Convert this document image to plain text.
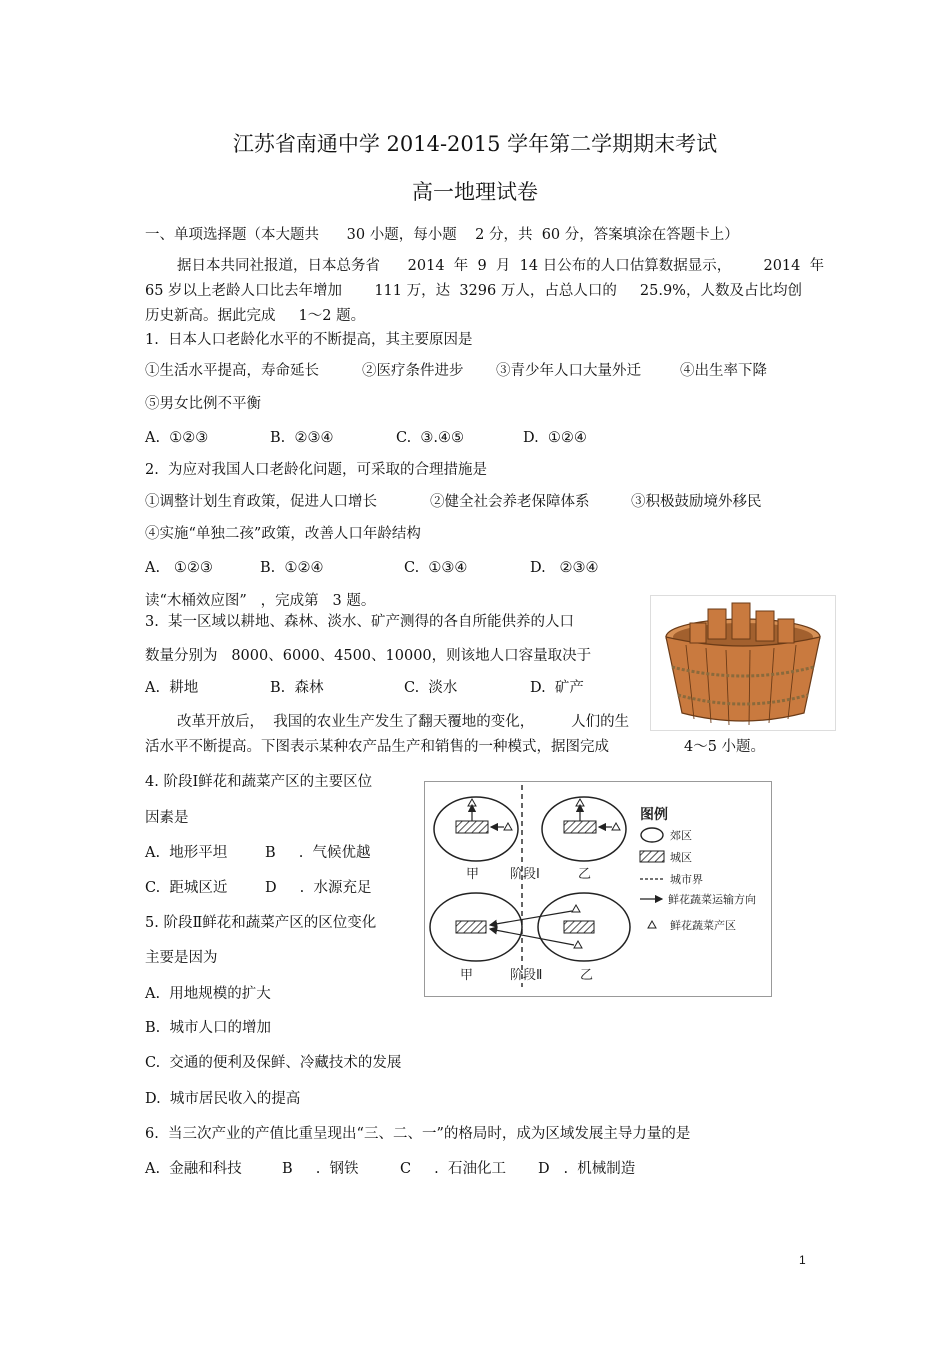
江苏省南通中学 2014-2015 学年第二学期期末考试
高一地理试卷
一、单项选择题（本大题共      30 小题，每小题    2 分，共  60 分，答案填涂在答题卡上）
据日本共同社报道，日本总务省      2014  年  9  月  14 日公布的人口估算数据显示，       2014  年
65 岁以上老龄人口比去年增加       111 万，达  3296 万人，占总人口的     25.9%，人数及占比均创
历史新高。据此完成     1～2 题。
1.  日本人口老龄化水平的不断提高，其主要原因是
①生活水平提高，寿命延长	②医疗条件进步 ③青少年人口大量外迁	④出生率下降
⑤男女比例不平衡
A.  ①②③	B.  ②③④	C.  ③.④⑤	D.  ①②④
2.  为应对我国人口老龄化问题，可采取的合理措施是
①调整计划生育政策，促进人口增长	②健全社会养老保障体系	③积极鼓励境外移民
④实施“单独二孩”政策，改善人口年龄结构
A.   ①②③	B.  ①②④	C.  ①③④	D.   ②③④
读“木桶效应图”   ，完成第   3 题。
3.  某一区域以耕地、森林、淡水、矿产测得的各自所能供养的人口
数量分别为   8000、6000、4500、10000，则该地人口容量取决于
A.  耕地	B.  森林	C.  淡水	D.  矿产
改革开放后，  我国的农业生产发生了翻天覆地的变化，        人们的生
活水平不断提高。下图表示某种农产品生产和销售的一种模式，据图完成	4～5 小题。
4. 阶段Ⅰ鲜花和蔬菜产区的主要区位
因素是
A.  地形平坦	B     .  气候优越
C.  距城区近	D     .  水源充足
5. 阶段Ⅱ鲜花和蔬菜产区的区位变化
主要是因为
A.  用地规模的扩大
B.  城市人口的增加
C.  交通的便利及保鲜、冷藏技术的发展
D.  城市居民收入的提高
甲 阶段Ⅰ	乙
甲	阶段Ⅱ	乙
图例
郊区
城区
城市界
鲜花蔬菜运输方向
鲜花蔬菜产区
6.  当三次产业的产值比重呈现出“三、二、一”的格局时，成为区域发展主导力量的是
A.  金融和科技	B     .  钢铁	C     .  石油化工 D   .  机械制造
1
